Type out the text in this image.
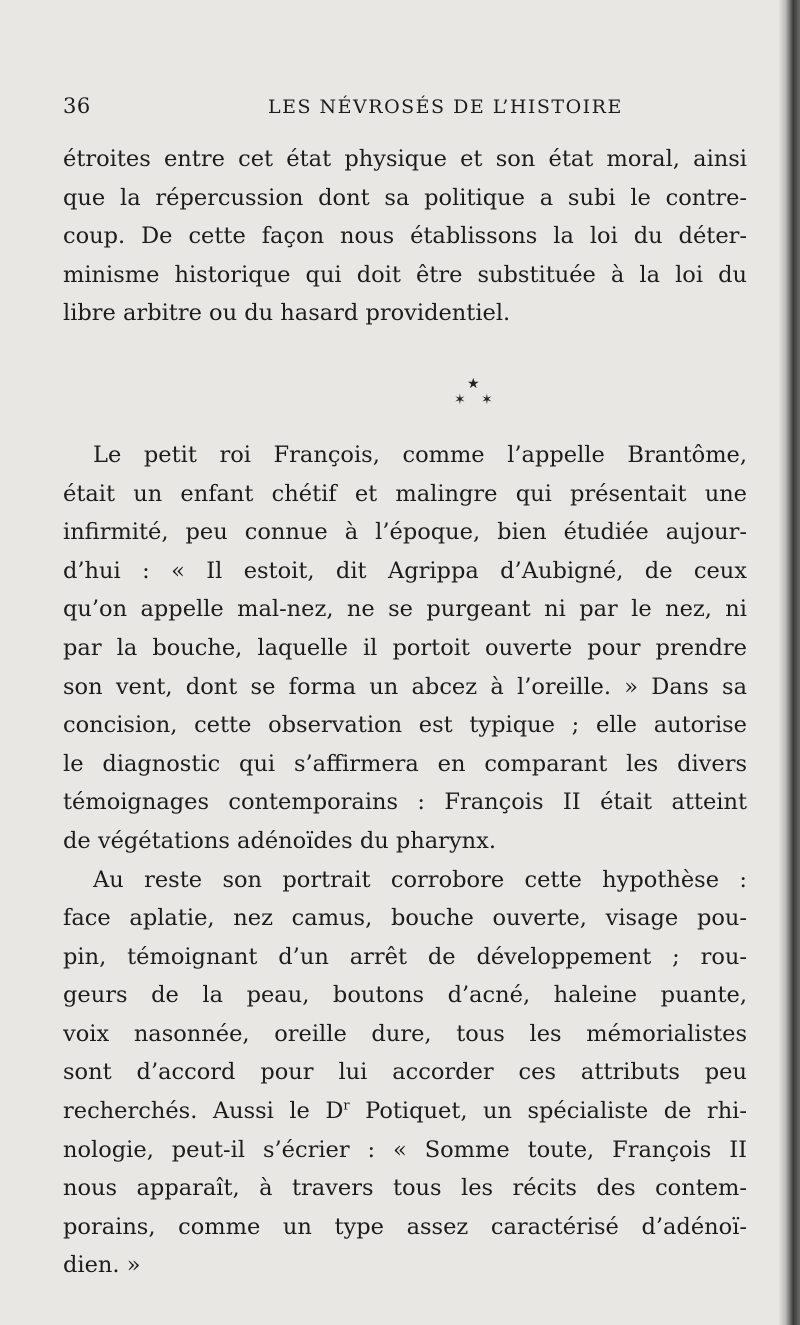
36	LES NÉVROSÉS DE L’HISTOIRE
étroites entre cet état physique et son état moral, ainsi
que la répercussion dont sa politique a subi le contre-
coup. De cette façon nous établissons la loi du déter-
minisme historique qui doit être substituée à la loi du
libre arbitre ou du hasard providentiel.
★
✶ ✶
Le petit roi François, comme l’appelle Brantôme,
était un enfant chétif et malingre qui présentait une
infirmité, peu connue à l’époque, bien étudiée aujour-
d’hui : « Il estoit, dit Agrippa d’Aubigné, de ceux
qu’on appelle mal-nez, ne se purgeant ni par le nez, ni
par la bouche, laquelle il portoit ouverte pour prendre
son vent, dont se forma un abcez à l’oreille. » Dans sa
concision, cette observation est typique ; elle autorise
le diagnostic qui s’affirmera en comparant les divers
témoignages contemporains : François II était atteint
de végétations adénoïdes du pharynx.
Au reste son portrait corrobore cette hypothèse :
face aplatie, nez camus, bouche ouverte, visage pou-
pin, témoignant d’un arrêt de développement ; rou-
geurs de la peau, boutons d’acné, haleine puante,
voix nasonnée, oreille dure, tous les mémorialistes
sont d’accord pour lui accorder ces attributs peu
recherchés. Aussi le $D^r$ Potiquet, un spécialiste de rhi-
nologie, peut-il s’écrier : « Somme toute, François II
nous apparaît, à travers tous les récits des contem-
porains, comme un type assez caractérisé d’adénoï-
dien. »
